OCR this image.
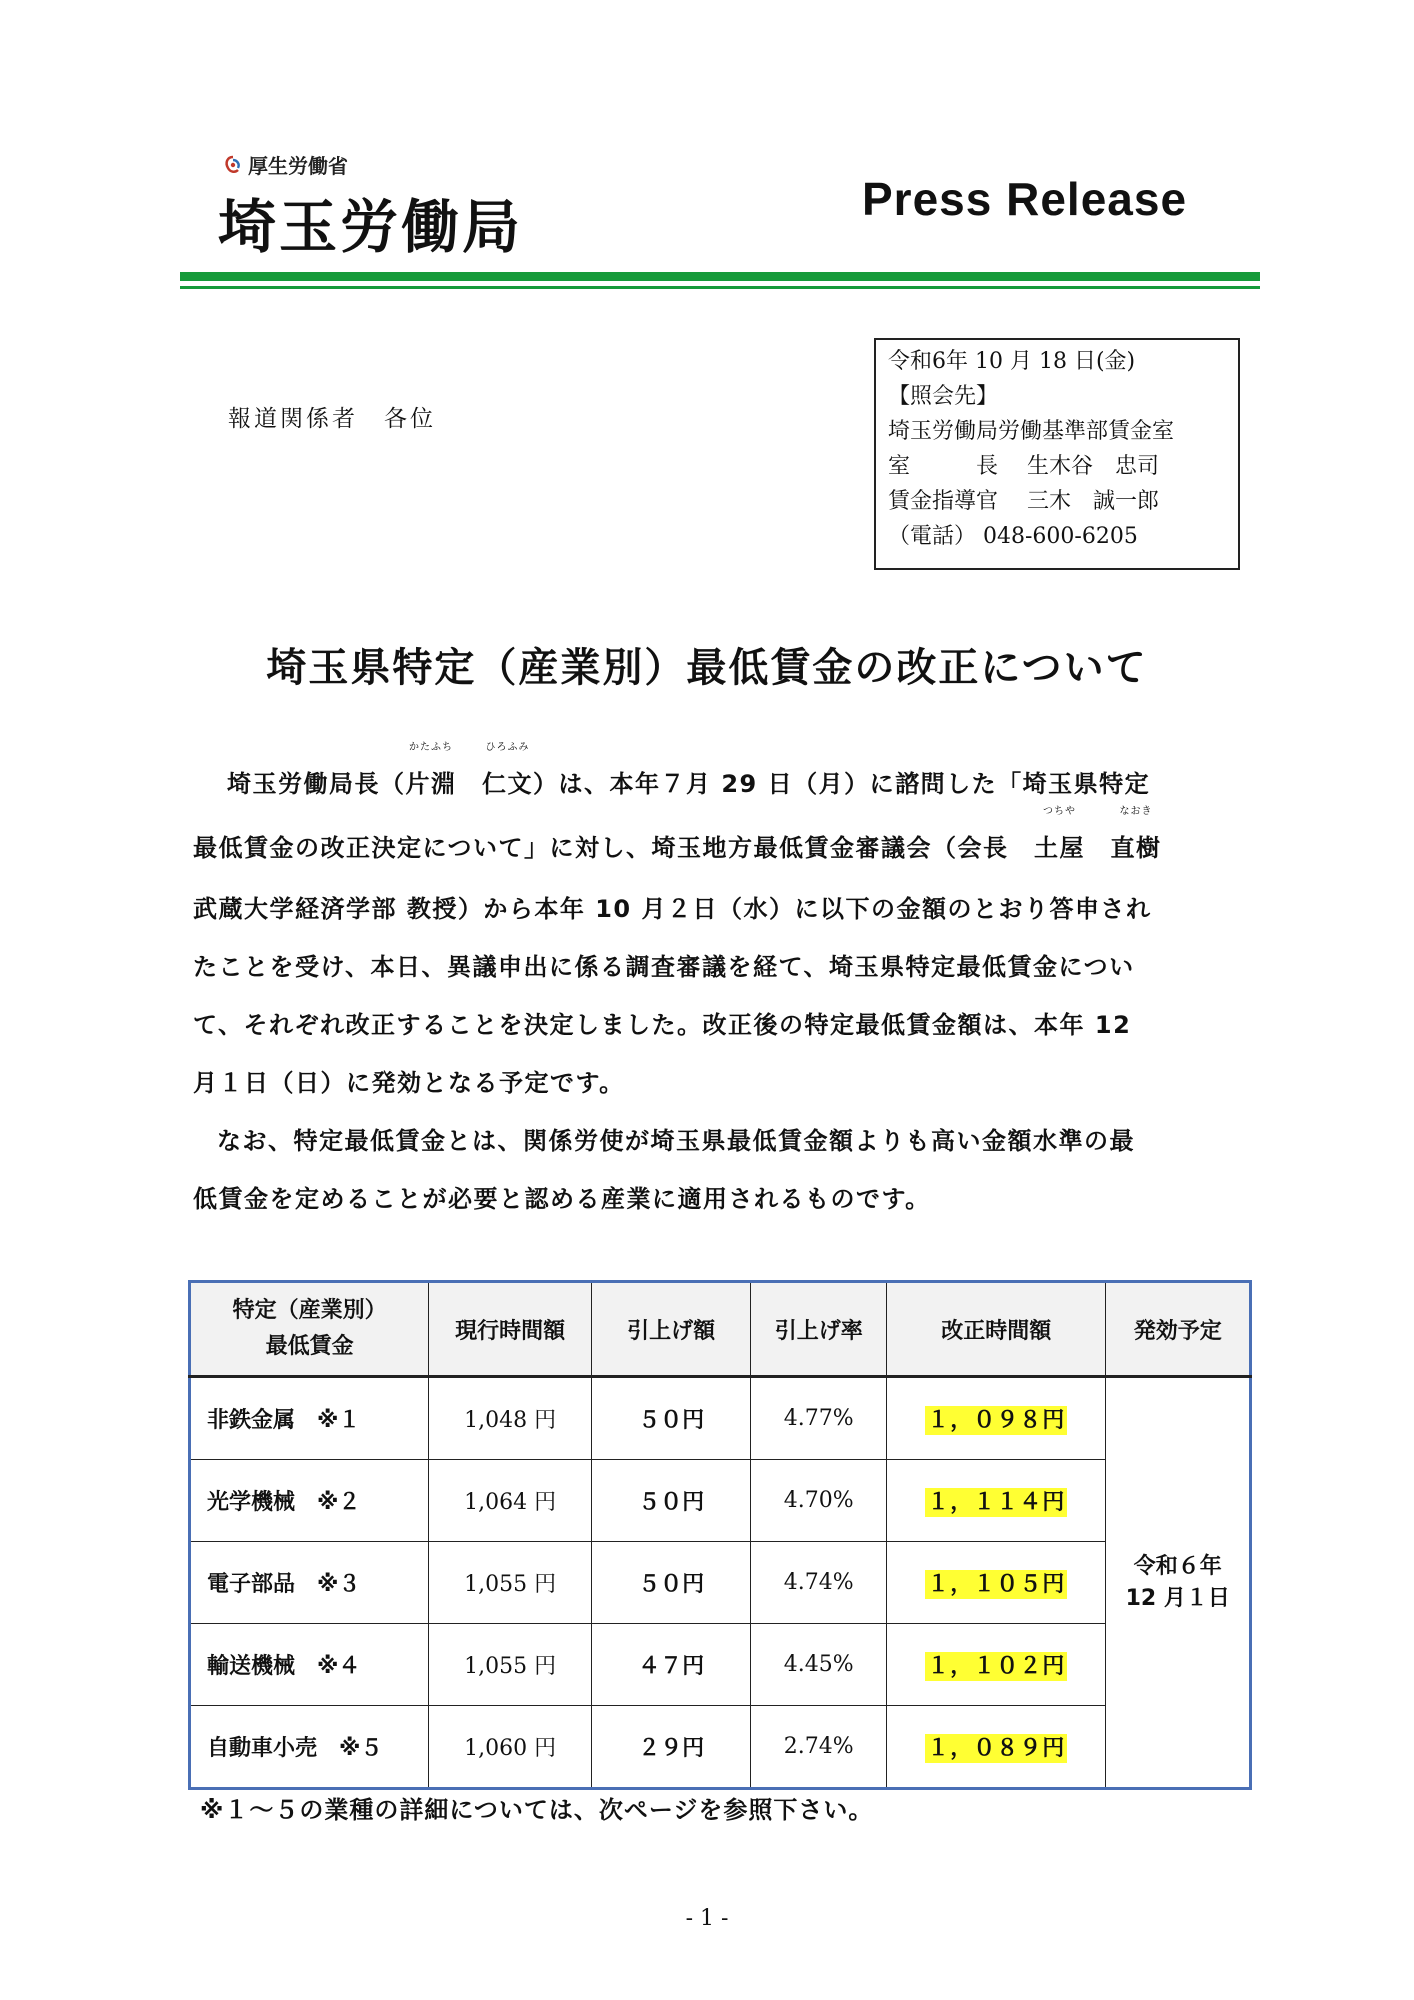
厚生労働省
埼玉労働局	Press Release
報道関係者　各位
令和6年 10 月 18 日(金)
【照会先】
埼玉労働局労働基準部賃金室
室　　　長　 生木谷　忠司
賃金指導官　 三木　誠一郎
（電話） 048-600-6205
埼玉県特定（産業別）最低賃金の改正について
埼玉労働局長（
かたふち
片淵　
ひろふみ
仁文）は、本年７月 29 日（月）に諮問した「埼玉県特定
最低賃金の改正決定について」に対し、埼玉地方最低賃金審議会（会長　
つちや
土屋　
なおき
直樹
武蔵大学経済学部 教授）から本年 10 月２日（水）に以下の金額のとおり答申され
たことを受け、本日、異議申出に係る調査審議を経て、埼玉県特定最低賃金につい
て、それぞれ改正することを決定しました。改正後の特定最低賃金額は、本年 12
月１日（日）に発効となる予定です。
なお、特定最低賃金とは、関係労使が埼玉県最低賃金額よりも高い金額水準の最
低賃金を定めることが必要と認める産業に適用されるものです。
特定（産業別）
最低賃金	現行時間額	引上げ額	引上げ率	改正時間額	発効予定
非鉄金属　※１	1,048 円	５０円	4.77%	１，０９８円	令和６年
12 月１日
光学機械　※２	1,064 円	５０円	4.70%	１，１１４円	
電子部品　※３	1,055 円	５０円	4.74%	１，１０５円	
輸送機械　※４	1,055 円	４７円	4.45%	１，１０２円	
自動車小売　※５	1,060 円	２９円	2.74%	１，０８９円	
※１～５の業種の詳細については、次ページを参照下さい。
- 1 -
